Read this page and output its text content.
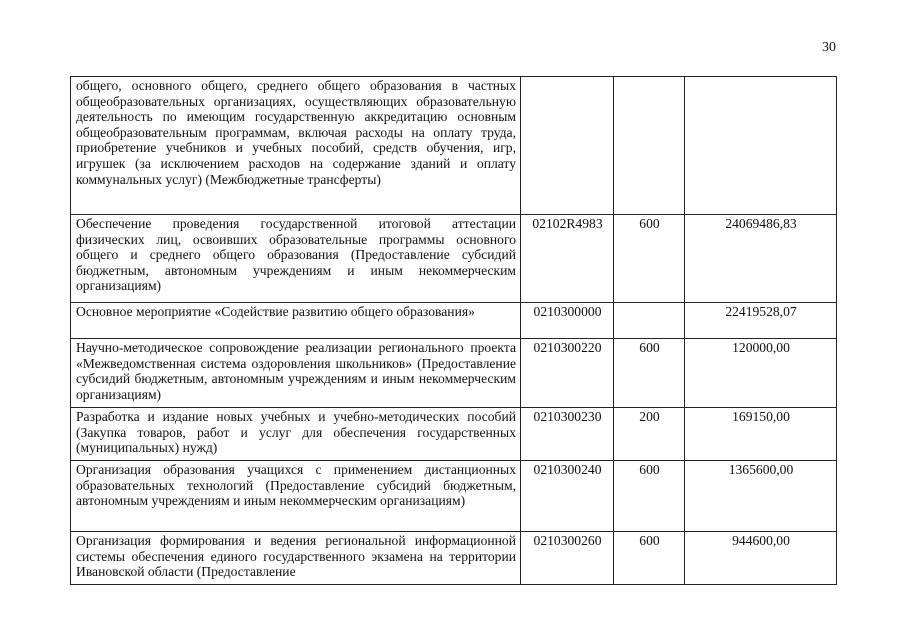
30
общего, основного общего, среднего общего образования в частных общеобразовательных организациях, осуществляющих образовательную деятельность по имеющим государственную аккредитацию основным общеобразовательным программам, включая расходы на оплату труда, приобретение учебников и учебных пособий, средств обучения, игр, игрушек (за исключением расходов на содержание зданий и оплату коммунальных услуг) (Межбюджетные трансферты)			
Обеспечение проведения государственной итоговой аттестации физических лиц, освоивших образовательные программы основного общего и среднего общего образования (Предоставление субсидий бюджетным, автономным учреждениям и иным некоммерческим организациям)	02102R4983	600	24069486,83
Основное мероприятие «Содействие развитию общего образования»	0210300000		22419528,07
Научно-методическое сопровождение реализации регионального проекта «Межведомственная система оздоровления школьников» (Предоставление субсидий бюджетным, автономным учреждениям и иным некоммерческим организациям)	0210300220	600	120000,00
Разработка и издание новых учебных и учебно-методических пособий (Закупка товаров, работ и услуг для обеспечения государственных (муниципальных) нужд)	0210300230	200	169150,00
Организация образования учащихся с применением дистанционных образовательных технологий (Предоставление субсидий бюджетным, автономным учреждениям и иным некоммерческим организациям)	0210300240	600	1365600,00
Организация формирования и ведения региональной информационной системы обеспечения единого государственного экзамена на территории Ивановской области (Предоставление	0210300260	600	944600,00
